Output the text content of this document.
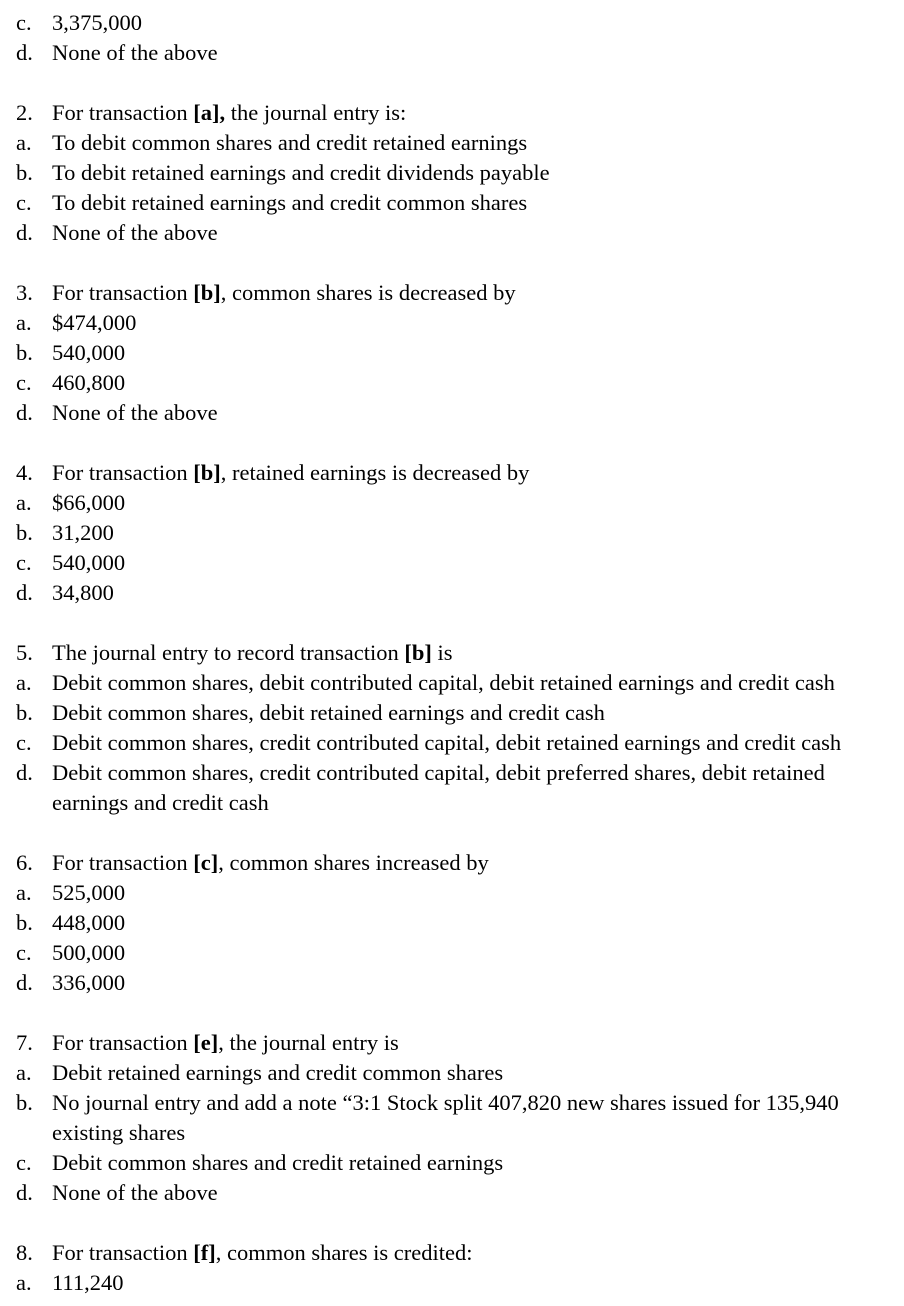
c. 3,375,000
d. None of the above
2. For transaction [a], the journal entry is:
a. To debit common shares and credit retained earnings
b. To debit retained earnings and credit dividends payable
c. To debit retained earnings and credit common shares
d. None of the above
3. For transaction [b], common shares is decreased by
a. $474,000
b. 540,000
c. 460,800
d. None of the above
4. For transaction [b], retained earnings is decreased by
a. $66,000
b. 31,200
c. 540,000
d. 34,800
5. The journal entry to record transaction [b] is
a. Debit common shares, debit contributed capital, debit retained earnings and credit cash
b. Debit common shares, debit retained earnings and credit cash
c. Debit common shares, credit contributed capital, debit retained earnings and credit cash
d. Debit common shares, credit contributed capital, debit preferred shares, debit retained
earnings and credit cash
6. For transaction [c], common shares increased by
a. 525,000
b. 448,000
c. 500,000
d. 336,000
7. For transaction [e], the journal entry is
a. Debit retained earnings and credit common shares
b. No journal entry and add a note “3:1 Stock split 407,820 new shares issued for 135,940
existing shares
c. Debit common shares and credit retained earnings
d. None of the above
8. For transaction [f], common shares is credited:
a. 111,240
